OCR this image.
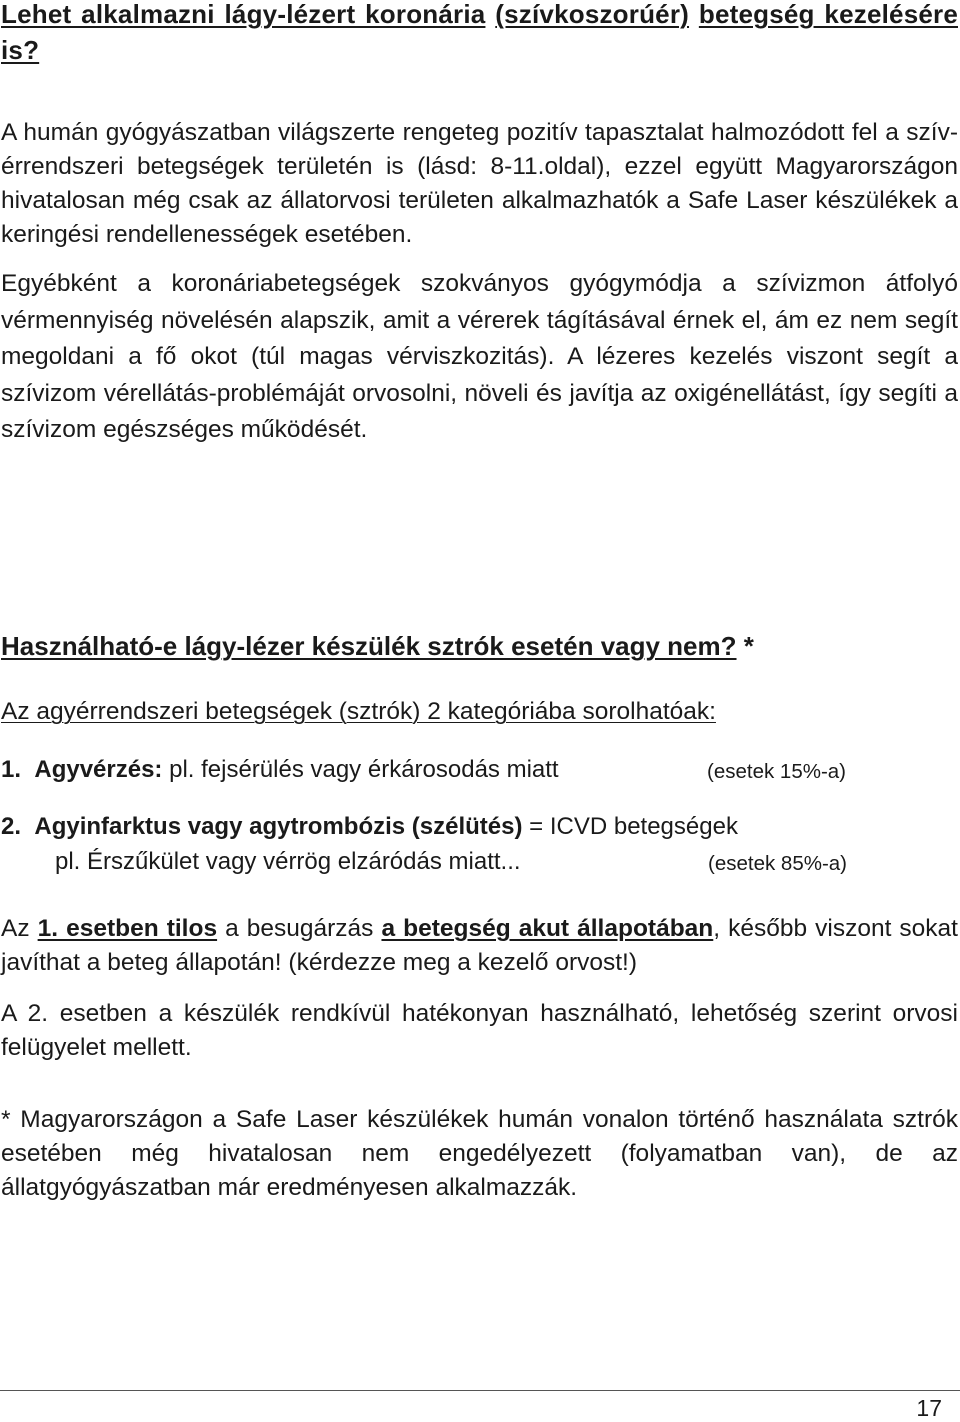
Lehet alkalmazni lágy-lézert koronária (szívkoszorúér) betegség kezelésére is?

A humán gyógyászatban világszerte rengeteg pozitív tapasztalat halmozódott fel a szív-érrendszeri betegségek területén is (lásd: 8-11.oldal), ezzel együtt Magyarországon hivatalosan még csak az állatorvosi területen alkalmazhatók a Safe Laser készülékek a keringési rendellenességek esetében.

Egyébként a koronáriabetegségek szokványos gyógymódja a szívizmon átfolyó vérmennyiség növelésén alapszik, amit a vérerek tágításával érnek el, ám ez nem segít megoldani a fő okot (túl magas vérviszkozitás). A lézeres kezelés viszont segít a szívizom vérellátás-problémáját orvosolni, növeli és javítja az oxigénellátást, így segíti a szívizom egészséges működését.

Használható-e lágy-lézer készülék sztrók esetén vagy nem? *

Az agyérrendszeri betegségek (sztrók) 2 kategóriába sorolhatóak:

1. Agyvérzés: pl. fejsérülés vagy érkárosodás miatt	(esetek 15%-a)
2. Agyinfarktus vagy agytrombózis (szélütés) = ICVD betegségek
pl. Érszűkület vagy vérrög elzáródás miatt...	(esetek 85%-a)

Az 1. esetben tilos a besugárzás a betegség akut állapotában, később viszont sokat javíthat a beteg állapotán! (kérdezze meg a kezelő orvost!)

A 2. esetben a készülék rendkívül hatékonyan használható, lehetőség szerint orvosi felügyelet mellett.

* Magyarországon a Safe Laser készülékek humán vonalon történő használata sztrók esetében még hivatalosan nem engedélyezett (folyamatban van), de az állatgyógyászatban már eredményesen alkalmazzák.

17
